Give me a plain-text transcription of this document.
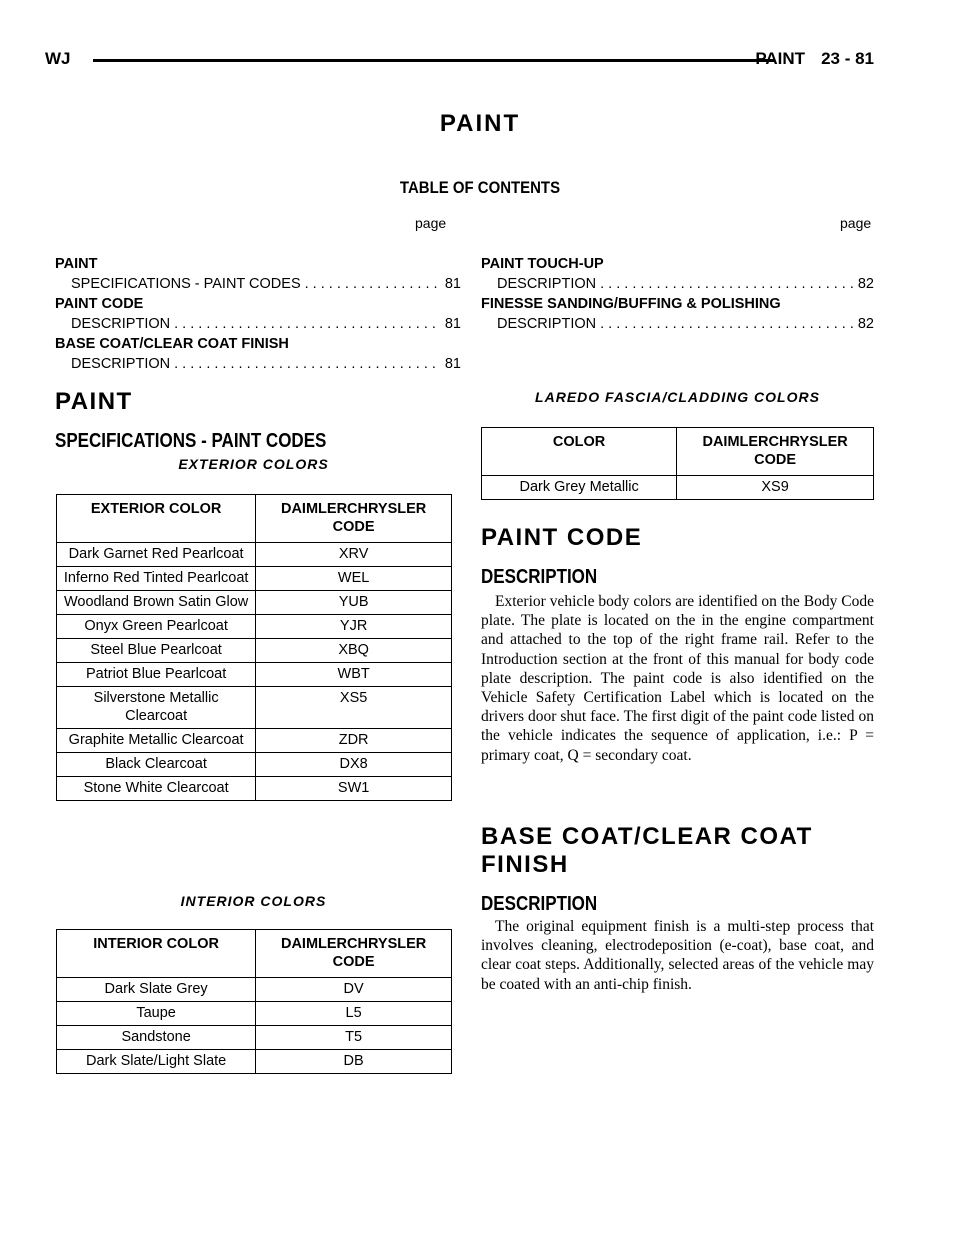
WJ	PAINT 23 - 81
PAINT
TABLE OF CONTENTS
page	page
PAINT
SPECIFICATIONS - PAINT CODES . . .	81
PAINT CODE
DESCRIPTION . . .	81
BASE COAT/CLEAR COAT FINISH
DESCRIPTION . . .	81
PAINT TOUCH-UP
DESCRIPTION . . .	82
FINESSE SANDING/BUFFING & POLISHING
DESCRIPTION . . .	82
PAINT
SPECIFICATIONS - PAINT CODES
EXTERIOR COLORS
EXTERIOR COLOR	DAIMLERCHRYSLER CODE
Dark Garnet Red Pearlcoat	XRV
Inferno Red Tinted Pearlcoat	WEL
Woodland Brown Satin Glow	YUB
Onyx Green Pearlcoat	YJR
Steel Blue Pearlcoat	XBQ
Patriot Blue Pearlcoat	WBT
Silverstone Metallic Clearcoat	XS5
Graphite Metallic Clearcoat	ZDR
Black Clearcoat	DX8
Stone White Clearcoat	SW1
INTERIOR COLORS
INTERIOR COLOR	DAIMLERCHRYSLER CODE
Dark Slate Grey	DV
Taupe	L5
Sandstone	T5
Dark Slate/Light Slate	DB
LAREDO FASCIA/CLADDING COLORS
COLOR	DAIMLERCHRYSLER CODE
Dark Grey Metallic	XS9
PAINT CODE
DESCRIPTION
Exterior vehicle body colors are identified on the Body Code plate. The plate is located on the in the engine compartment and attached to the top of the right frame rail. Refer to the Introduction section at the front of this manual for body code plate description. The paint code is also identified on the Vehicle Safety Certification Label which is located on the drivers door shut face. The first digit of the paint code listed on the vehicle indicates the sequence of application, i.e.: P = primary coat, Q = secondary coat.
BASE COAT/CLEAR COAT
FINISH
DESCRIPTION
The original equipment finish is a multi-step process that involves cleaning, electrodeposition (e-coat), base coat, and clear coat steps. Additionally, selected areas of the vehicle may be coated with an anti-chip finish.
